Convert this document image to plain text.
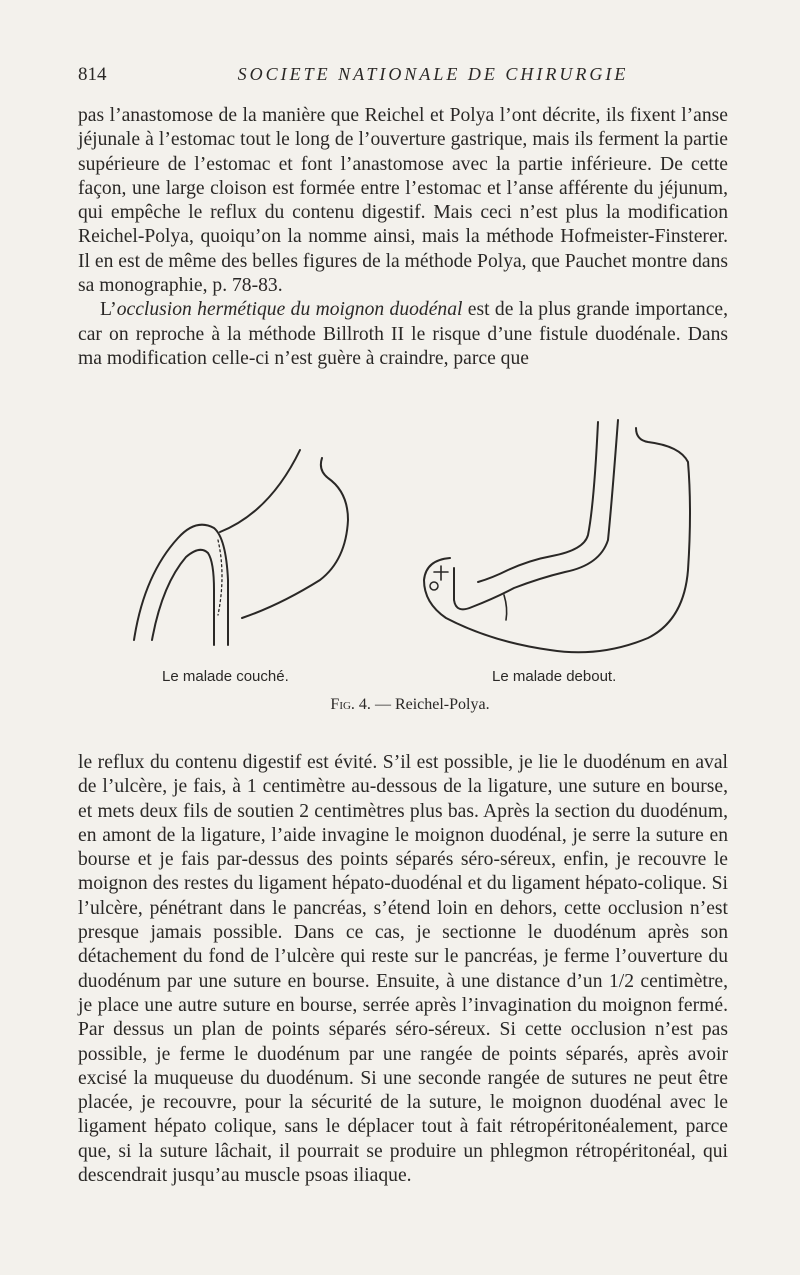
814	SOCIETE NATIONALE DE CHIRURGIE

pas l’anastomose de la manière que Reichel et Polya l’ont décrite, ils fixent l’anse jéjunale à l’estomac tout le long de l’ouverture gastrique, mais ils ferment la partie supérieure de l’estomac et font l’anastomose avec la partie inférieure. De cette façon, une large cloison est formée entre l’estomac et l’anse afférente du jéjunum, qui empêche le reflux du contenu digestif. Mais ceci n’est plus la modification Reichel-Polya, quoiqu’on la nomme ainsi, mais la méthode Hofmeister-Finsterer. Il en est de même des belles figures de la méthode Polya, que Pauchet montre dans sa monographie, p. 78-83.

L’occlusion hermétique du moignon duodénal est de la plus grande importance, car on reproche à la méthode Billroth II le risque d’une fistule duodénale. Dans ma modification celle-ci n’est guère à craindre, parce que

Le malade couché.	Le malade debout.
Fig. 4. — Reichel-Polya.

le reflux du contenu digestif est évité. S’il est possible, je lie le duodénum en aval de l’ulcère, je fais, à 1 centimètre au-dessous de la ligature, une suture en bourse, et mets deux fils de soutien 2 centimètres plus bas. Après la section du duodénum, en amont de la ligature, l’aide invagine le moignon duodénal, je serre la suture en bourse et je fais par-dessus des points séparés séro-séreux, enfin, je recouvre le moignon des restes du ligament hépato-duodénal et du ligament hépato-colique. Si l’ulcère, pénétrant dans le pancréas, s’étend loin en dehors, cette occlusion n’est presque jamais possible. Dans ce cas, je sectionne le duodénum après son détachement du fond de l’ulcère qui reste sur le pancréas, je ferme l’ouverture du duodénum par une suture en bourse. Ensuite, à une distance d’un 1/2 centimètre, je place une autre suture en bourse, serrée après l’invagination du moignon fermé. Par dessus un plan de points séparés séro-séreux. Si cette occlusion n’est pas possible, je ferme le duodénum par une rangée de points séparés, après avoir excisé la muqueuse du duodénum. Si une seconde rangée de sutures ne peut être placée, je recouvre, pour la sécurité de la suture, le moignon duodénal avec le ligament hépato colique, sans le déplacer tout à fait rétropéritonéalement, parce que, si la suture lâchait, il pourrait se produire un phlegmon rétropéritonéal, qui descendrait jusqu’au muscle psoas iliaque.
